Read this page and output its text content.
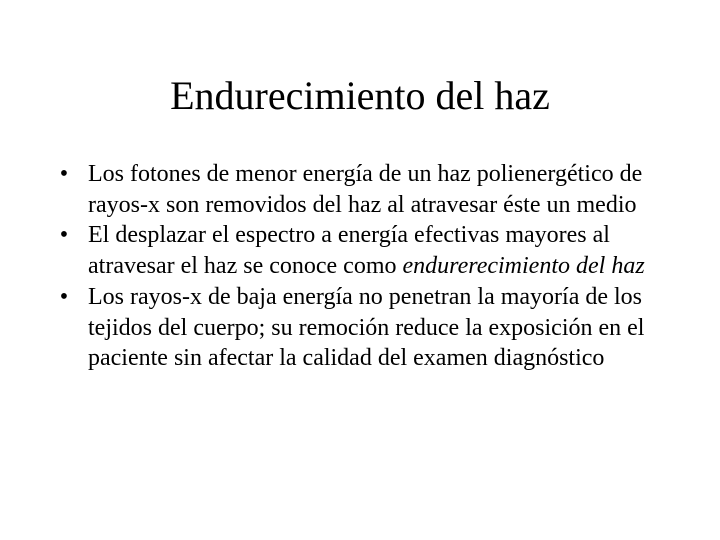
Endurecimiento del haz
• Los fotones de menor energía de un haz polienergético de rayos-x son removidos del haz al atravesar éste un medio
• El desplazar el espectro a energía efectivas mayores al atravesar el haz se conoce como endurerecimiento del haz
• Los rayos-x de baja energía no penetran la mayoría de los tejidos del cuerpo; su remoción reduce la exposición en el paciente sin afectar la calidad del examen diagnóstico
